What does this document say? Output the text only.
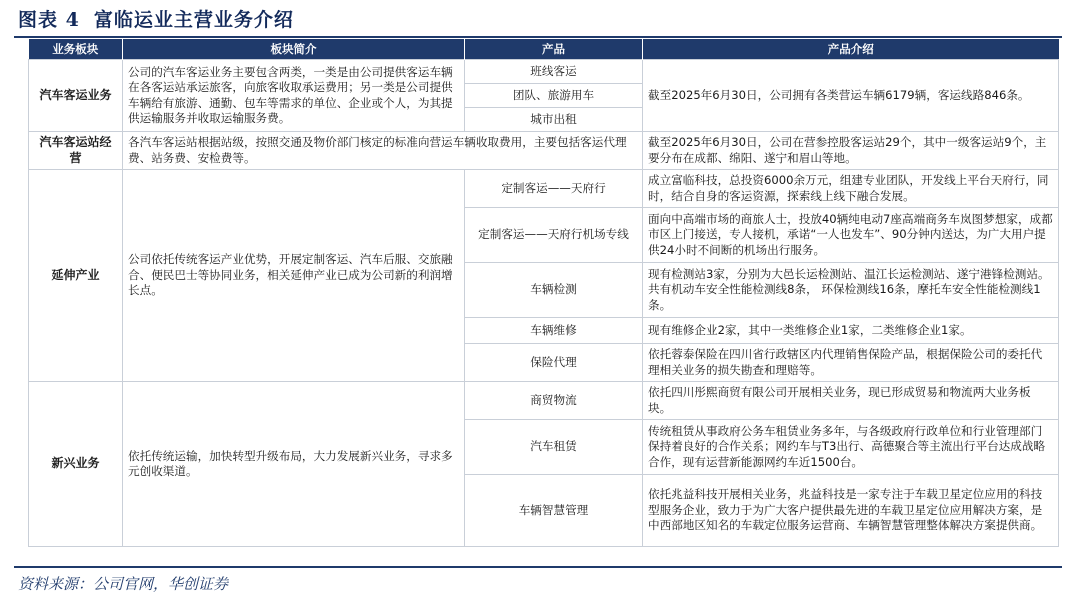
图表 4 富临运业主营业务介绍
业务板块	板块简介	产品	产品介绍
汽车客运业务	公司的汽车客运业务主要包含两类，一类是由公司提供客运车辆在各客运站承运旅客，向旅客收取承运费用；另一类是公司提供车辆给有旅游、通勤、包车等需求的单位、企业或个人，为其提供运输服务并收取运输服务费。	班线客运	截至2025年6月30日，公司拥有各类营运车辆6179辆，客运线路846条。
		团队、旅游用车	
		城市出租	
汽车客运站经营	各汽车客运站根据站级，按照交通及物价部门核定的标准向营运车辆收取费用，主要包括客运代理费、站务费、安检费等。		截至2025年6月30日，公司在营参控股客运站29个，其中一级客运站9个，主要分布在成都、绵阳、遂宁和眉山等地。
延伸产业	公司依托传统客运产业优势，开展定制客运、汽车后服、交旅融合、便民巴士等协同业务，相关延伸产业已成为公司新的利润增长点。	定制客运——天府行	成立富临科技，总投资6000余万元，组建专业团队，开发线上平台天府行，同时，结合自身的客运资源，探索线上线下融合发展。
		定制客运——天府行机场专线	面向中高端市场的商旅人士，投放40辆纯电动7座高端商务车岚图梦想家，成都市区上门接送，专人接机，承诺“一人也发车”、90分钟内送达，为广大用户提供24小时不间断的机场出行服务。
		车辆检测	现有检测站3家，分别为大邑长运检测站、温江长运检测站、遂宁港锋检测站。共有机动车安全性能检测线8条， 环保检测线16条，摩托车安全性能检测线1条。
		车辆维修	现有维修企业2家，其中一类维修企业1家，二类维修企业1家。
		保险代理	依托蓉泰保险在四川省行政辖区内代理销售保险产品，根据保险公司的委托代理相关业务的损失勘查和理赔等。
新兴业务	依托传统运输，加快转型升级布局，大力发展新兴业务，寻求多元创收渠道。	商贸物流	依托四川彤熙商贸有限公司开展相关业务，现已形成贸易和物流两大业务板块。
		汽车租赁	传统租赁从事政府公务车租赁业务多年，与各级政府行政单位和行业管理部门保持着良好的合作关系；网约车与T3出行、高德聚合等主流出行平台达成战略合作，现有运营新能源网约车近1500台。
		车辆智慧管理	依托兆益科技开展相关业务，兆益科技是一家专注于车载卫星定位应用的科技型服务企业，致力于为广大客户提供最先进的车载卫星定位应用解决方案，是中西部地区知名的车载定位服务运营商、车辆智慧管理整体解决方案提供商。
资料来源：公司官网，华创证券
